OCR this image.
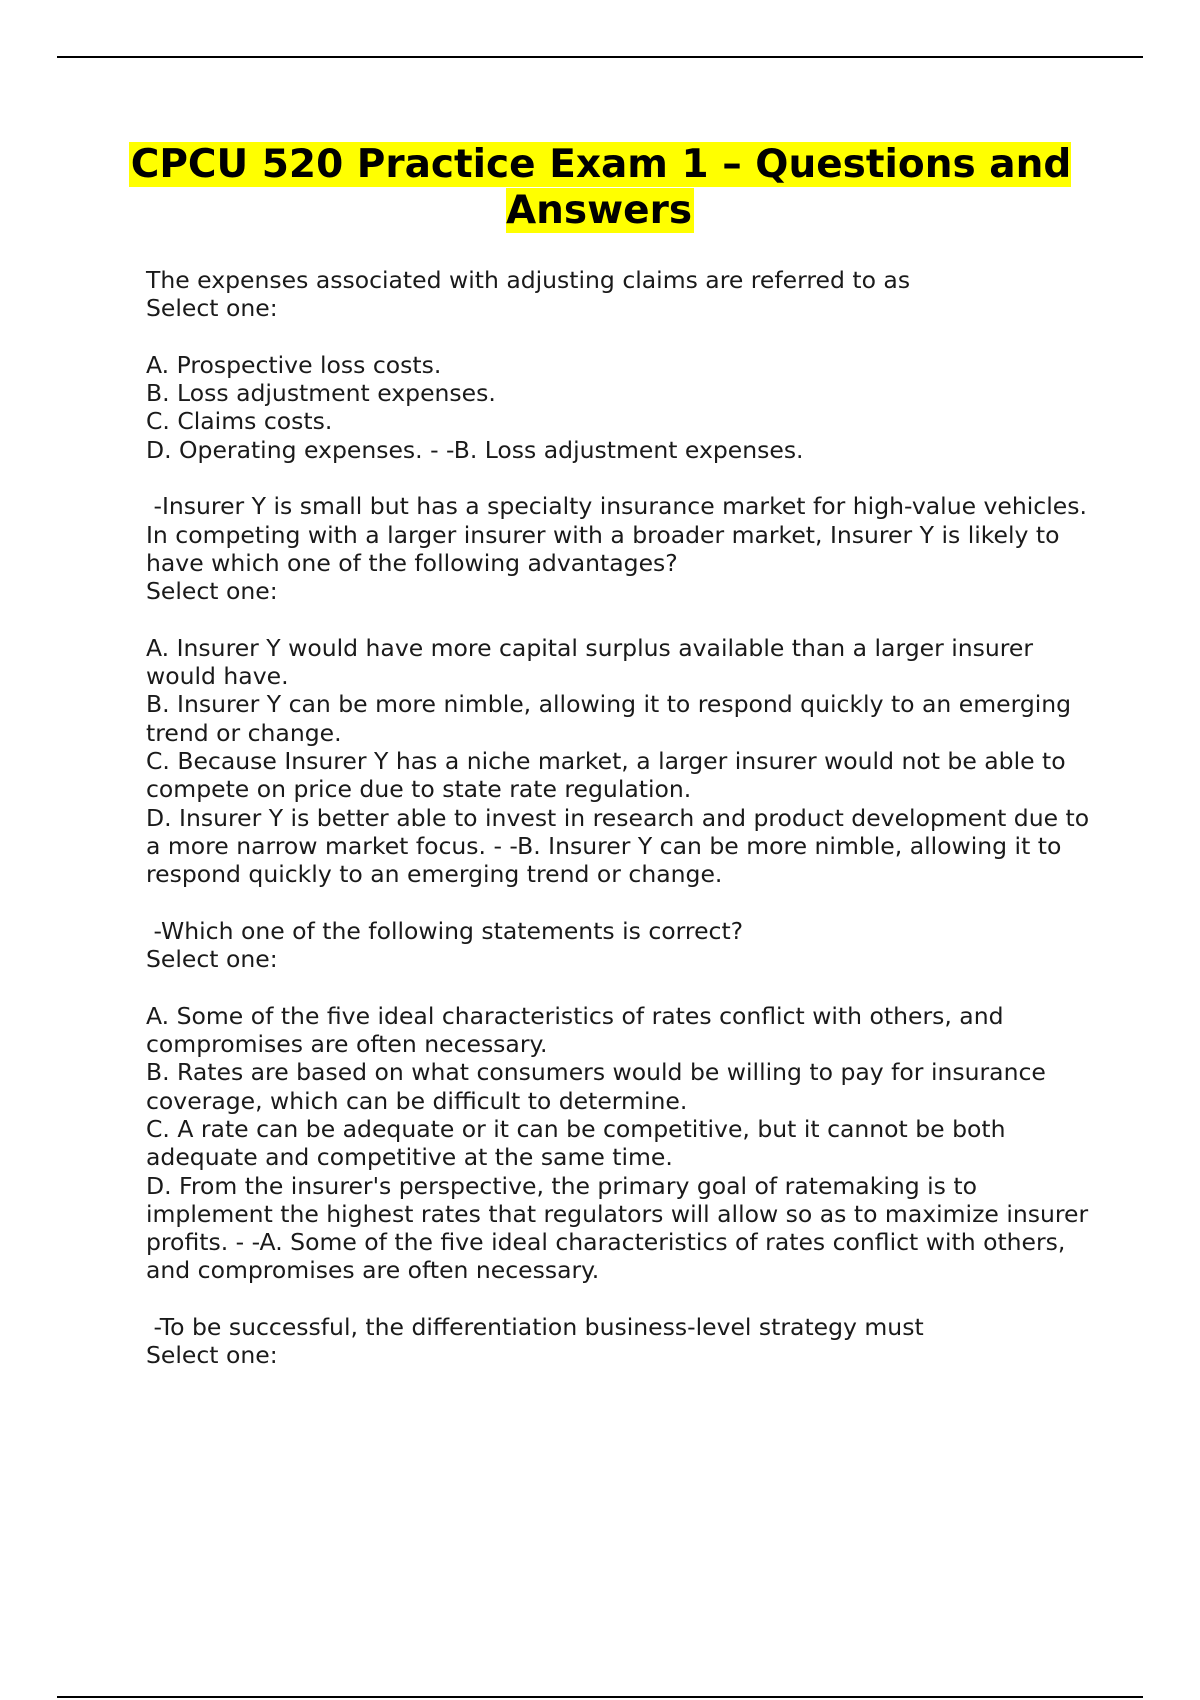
CPCU 520 Practice Exam 1 – Questions and Answers
The expenses associated with adjusting claims are referred to as
Select one:
A. Prospective loss costs.
B. Loss adjustment expenses.
C. Claims costs.
D. Operating expenses. - -B. Loss adjustment expenses.
-Insurer Y is small but has a specialty insurance market for high-value vehicles. In competing with a larger insurer with a broader market, Insurer Y is likely to have which one of the following advantages?
Select one:
A. Insurer Y would have more capital surplus available than a larger insurer would have.
B. Insurer Y can be more nimble, allowing it to respond quickly to an emerging trend or change.
C. Because Insurer Y has a niche market, a larger insurer would not be able to compete on price due to state rate regulation.
D. Insurer Y is better able to invest in research and product development due to a more narrow market focus. - -B. Insurer Y can be more nimble, allowing it to respond quickly to an emerging trend or change.
-Which one of the following statements is correct?
Select one:
A. Some of the five ideal characteristics of rates conflict with others, and compromises are often necessary.
B. Rates are based on what consumers would be willing to pay for insurance coverage, which can be difficult to determine.
C. A rate can be adequate or it can be competitive, but it cannot be both adequate and competitive at the same time.
D. From the insurer's perspective, the primary goal of ratemaking is to implement the highest rates that regulators will allow so as to maximize insurer profits. - -A. Some of the five ideal characteristics of rates conflict with others, and compromises are often necessary.
-To be successful, the differentiation business-level strategy must
Select one:
